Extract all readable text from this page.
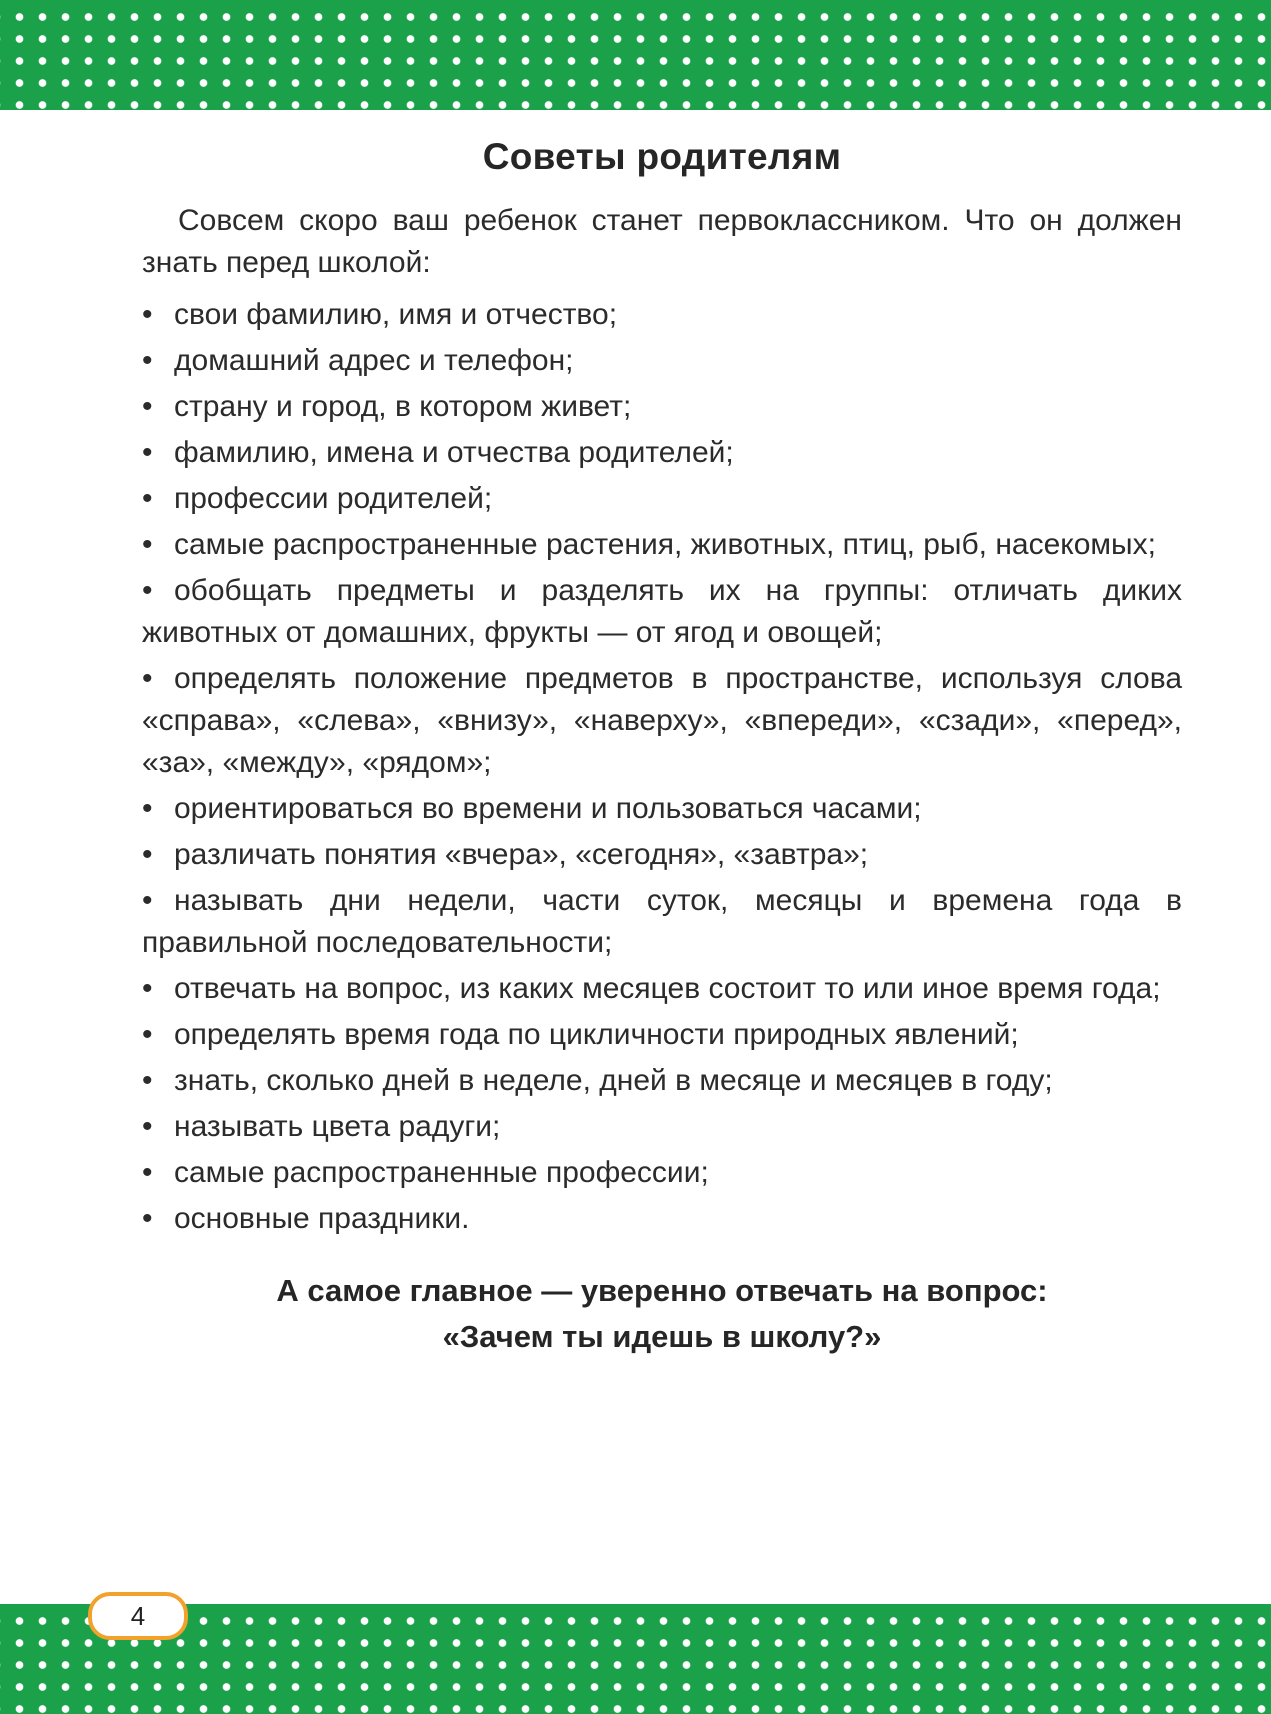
Советы родителям

Совсем скоро ваш ребенок станет первоклассником. Что он должен знать перед школой:

• свои фамилию, имя и отчество;
• домашний адрес и телефон;
• страну и город, в котором живет;
• фамилию, имена и отчества родителей;
• профессии родителей;
• самые распространенные растения, животных, птиц, рыб, насекомых;
• обобщать предметы и разделять их на группы: отличать диких животных от домашних, фрукты — от ягод и овощей;
• определять положение предметов в пространстве, используя слова «справа», «слева», «внизу», «наверху», «впереди», «сзади», «перед», «за», «между», «рядом»;
• ориентироваться во времени и пользоваться часами;
• различать понятия «вчера», «сегодня», «завтра»;
• называть дни недели, части суток, месяцы и времена года в правильной последовательности;
• отвечать на вопрос, из каких месяцев состоит то или иное время года;
• определять время года по цикличности природных явлений;
• знать, сколько дней в неделе, дней в месяце и месяцев в году;
• называть цвета радуги;
• самые распространенные профессии;
• основные праздники.
А самое главное — уверенно отвечать на вопрос:
«Зачем ты идешь в школу?»
4
